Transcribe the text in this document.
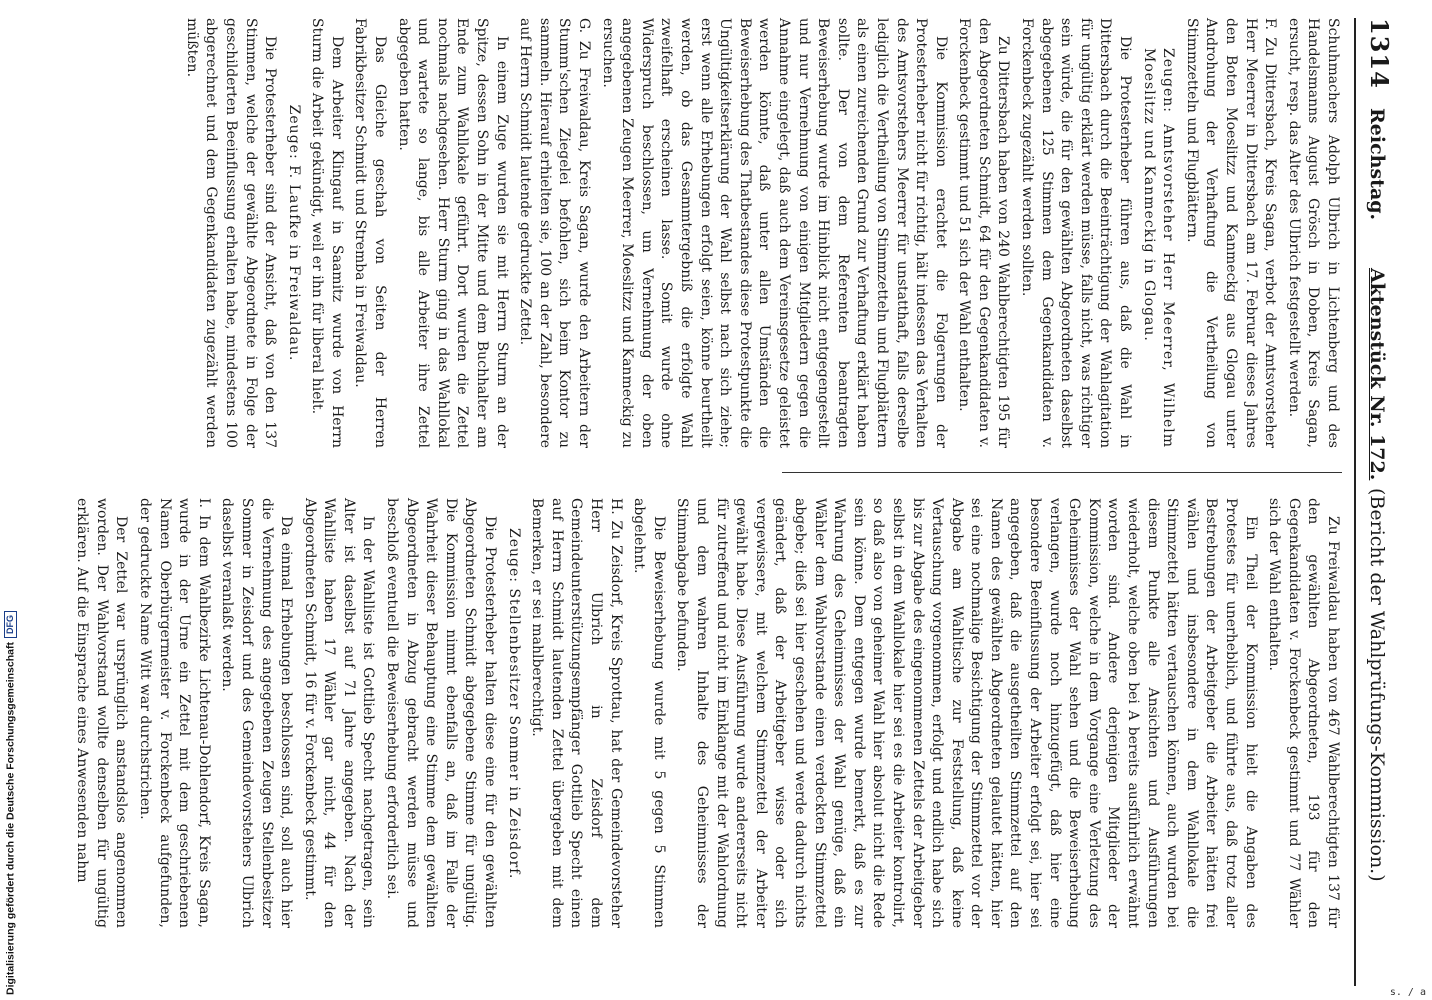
1314
Reichstag.
Aktenstück Nr. 172.
(Bericht der Wahlprüfungs-Kommission.)

Schuhmachers Adolph Ulbrich in Lichtenberg und des Handelsmanns August Grösch in Doben, Kreis Sagan, ersucht, resp. das Alter des Ulbrich festgestellt werden.

F. Zu Dittersbach, Kreis Sagan, verbot der Amtsvorsteher Herr Meerrer in Dittersbach am 17. Februar dieses Jahres den Boten Moeslitzz und Kanmeckig aus Glogau unter Androhung der Verhaftung die Vertheilung von Stimmzetteln und Flugblättern.

Zeugen: Amtsvorsteher Herr Meerrer, Wilhelm Moeslitzz und Kanmeckig in Glogau.

Die Protesterheber führen aus, daß die Wahl in Dittersbach durch die Beeinträchtigung der Wahlagitation für ungültig erklärt werden müsse, falls nicht, was richtiger sein würde, die für den gewählten Abgeordneten daselbst abgegebenen 125 Stimmen dem Gegenkandidaten v. Forckenbeck zugezählt werden sollten.

Zu Dittersbach haben von 240 Wahlberechtigten 195 für den Abgeordneten Schmidt, 64 für den Gegenkandidaten v. Forckenbeck gestimmt und 51 sich der Wahl enthalten.

Die Kommission erachtet die Folgerungen der Protesterheber nicht für richtig, hält indessen das Verhalten des Amtsvorstehers Meerrer für unstatthaft, falls derselbe lediglich die Vertheilung von Stimmzetteln und Flugblättern als einen zureichenden Grund zur Verhaftung erklärt haben sollte. Der von dem Referenten beantragten Beweiserhebung wurde im Hinblick nicht entgegengestellt und nur Vernehmung von einigen Mitgliedern gegen die Annahme eingelegt, daß auch dem Vereinsgesetze geleistet werden könnte, daß unter allen Umständen die Beweiserhebung des Thatbestandes diese Protestpunkte die Ungültigkeitserklärung der Wahl selbst nach sich ziehe; erst wenn alle Erhebungen erfolgt seien, könne beurtheilt werden, ob das Gesammtergebniß die erfolgte Wahl zweifelhaft erscheinen lasse. Somit wurde ohne Widerspruch beschlossen, um Vernehmung der oben angegebenen Zeugen Meerrer, Moeslitzz und Kanmeckig zu ersuchen.

G. Zu Freiwaldau, Kreis Sagan, wurde den Arbeitern der Stumm'schen Ziegelei befohlen, sich beim Kontor zu sammeln. Hierauf erhielten sie, 100 an der Zahl, besondere auf Herrn Schmidt lautende gedruckte Zettel.

In einem Zuge wurden sie mit Herrn Sturm an der Spitze, dessen Sohn in der Mitte und dem Buchhalter am Ende zum Wahllokale geführt. Dort wurden die Zettel nochmals nachgesehen. Herr Sturm ging in das Wahllokal und wartete so lange, bis alle Arbeiter ihre Zettel abgegeben hatten.

Das Gleiche geschah von Seiten der Herren Fabrikbesitzer Schmidt und Stremba in Freiwaldau.

Dem Arbeiter Klingauf in Saamitz wurde von Herrn Sturm die Arbeit gekündigt, weil er ihn für liberal hielt.

Zeuge: F. Laufke in Freiwaldau.

Die Protesterheber sind der Ansicht, daß von den 137 Stimmen, welche der gewählte Abgeordnete in Folge der geschilderten Beeinflussung erhalten habe, mindestens 100 abgerechnet und dem Gegenkandidaten zugezählt werden müßten.

Zu Freiwaldau haben von 467 Wahlberechtigten 137 für den gewählten Abgeordneten, 193 für den Gegenkandidaten v. Forckenbeck gestimmt und 77 Wähler sich der Wahl enthalten.

Ein Theil der Kommission hielt die Angaben des Protestes für unerheblich, und führte aus, daß trotz aller Bestrebungen der Arbeitgeber die Arbeiter hätten frei wählen und insbesondere in dem Wahllokale die Stimmzettel hätten vertauschen können, auch wurden bei diesem Punkte alle Ansichten und Ausführungen wiederholt, welche oben bei A bereits ausführlich erwähnt worden sind. Andere derjenigen Mitglieder der Kommission, welche in dem Vorgange eine Verletzung des Geheimnisses der Wahl sehen und die Beweiserhebung verlangen, wurde noch hinzugefügt, daß hier eine besondere Beeinflussung der Arbeiter erfolgt sei, hier sei angegeben, daß die ausgetheilten Stimmzettel auf den Namen des gewählten Abgeordneten gelautet hätten, hier sei eine nochmalige Besichtigung der Stimmzettel vor der Abgabe am Wahltische zur Feststellung, daß keine Vertauschung vorgenommen, erfolgt und endlich habe sich bis zur Abgabe des eingenommenen Zettels der Arbeitgeber selbst in dem Wahllokale hier sei es die Arbeiter kontrolirt, so daß also von geheimer Wahl hier absolut nicht die Rede sein könne. Dem entgegen wurde bemerkt, daß es zur Wahrung des Geheimnisses der Wahl genüge, daß ein Wähler dem Wahlvorstande einen verdeckten Stimmzettel abgebe; dieß sei hier geschehen und werde dadurch nichts geändert, daß der Arbeitgeber wisse oder sich vergewissere, mit welchem Stimmzettel der Arbeiter gewählt habe. Diese Ausführung wurde andererseits nicht für zutreffend und nicht im Einklange mit der Wahlordnung und dem wahren Inhalte des Geheimnisses der Stimmabgabe befunden.

Die Beweiserhebung wurde mit 5 gegen 5 Stimmen abgelehnt.

H. Zu Zeisdorf, Kreis Sprottau, hat der Gemeindevorsteher Herr Ulbrich in Zeisdorf dem Gemeindeunterstützungsempfänger Gottlieb Specht einen auf Herrn Schmidt lautenden Zettel übergeben mit dem Bemerken, er sei mahlberechtigt.

Zeuge: Stellenbesitzer Sommer in Zeisdorf.

Die Protesterheber halten diese eine für den gewählten Abgeordneten Schmidt abgegebene Stimme für ungültig. Die Kommission nimmt ebenfalls an, daß im Falle der Wahrheit dieser Behauptung eine Stimme dem gewählten Abgeordneten in Abzug gebracht werden müsse und beschloß eventuell die Beweiserhebung erforderlich sei.

In der Wahlliste ist Gottlieb Specht nachgetragen, sein Alter ist daselbst auf 71 Jahre angegeben. Nach der Wahlliste haben 17 Wähler gar nicht, 44 für den Abgeordneten Schmidt, 16 für v. Forckenbeck gestimmt.

Da einmal Erhebungen beschlossen sind, soll auch hier die Vernehmung des angegebenen Zeugen Stellenbesitzer Sommer in Zeisdorf und des Gemeindevorstehers Ulbrich daselbst veranlaßt werden.

I. In dem Wahlbezirke Lichtenau-Dohlendorf, Kreis Sagan, wurde in der Urne ein Zettel mit dem geschriebenen Namen Oberbürgermeister v. Forckenbeck aufgefunden, der gedruckte Name Witt war durchstrichen.

Der Zettel war ursprünglich anstandslos angenommen worden. Der Wahlvorstand wollte denselben für ungültig erklären. Auf die Einsprache eines Anwesenden nahm

Digitalisierung gefördert durch die Deutsche ForschungsgemeinschaftDFG
s. / a
